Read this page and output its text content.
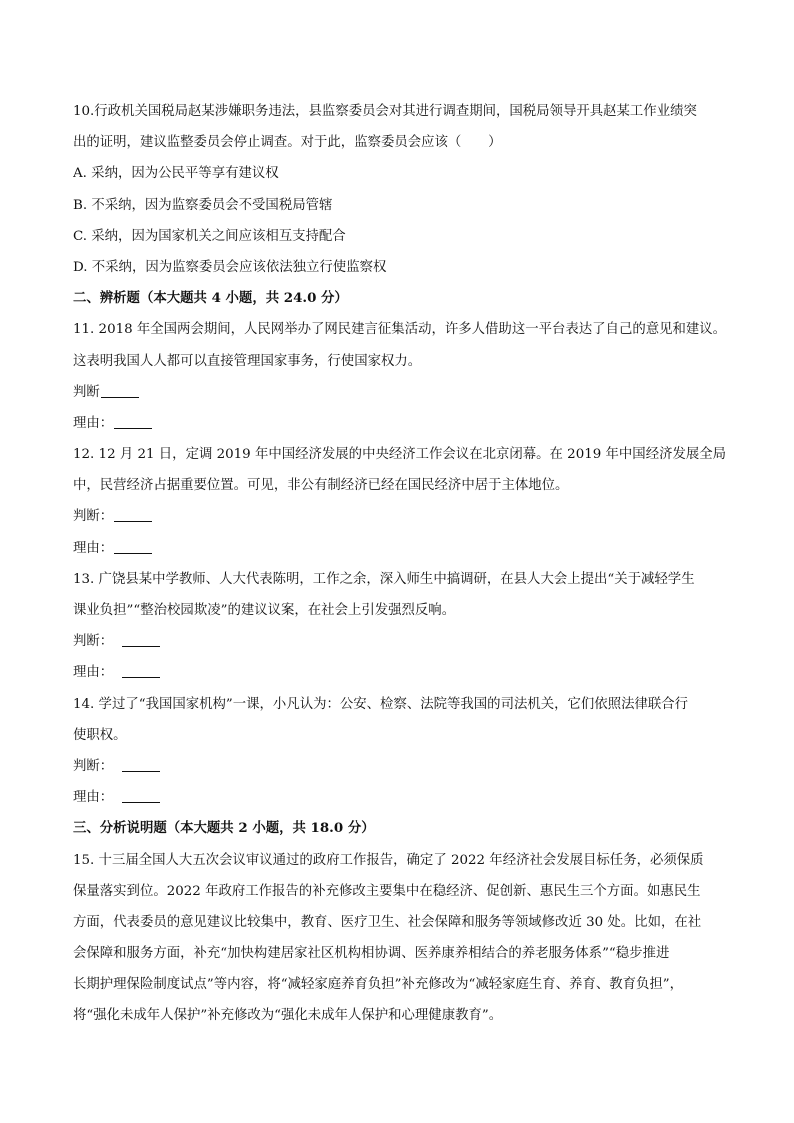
10.行政机关国税局赵某涉嫌职务违法，县监察委员会对其进行调查期间，国税局领导开具赵某工作业绩突
出的证明，建议监整委员会停止调查。对于此，监察委员会应该（　　）
A. 采纳，因为公民平等享有建议权
B. 不采纳，因为监察委员会不受国税局管辖
C. 采纳，因为国家机关之间应该相互支持配合
D. 不采纳，因为监察委员会应该依法独立行使监察权
二、辨析题（本大题共 4 小题，共 24.0 分）
11. 2018 年全国两会期间，人民网举办了网民建言征集活动，许多人借助这一平台表达了自己的意见和建议。
这表明我国人人都可以直接管理国家事务，行使国家权力。
判断
理由：
12. 12 月 21 日，定调 2019 年中国经济发展的中央经济工作会议在北京闭幕。在 2019 年中国经济发展全局
中，民营经济占据重要位置。可见，非公有制经济已经在国民经济中居于主体地位。
判断：
理由：
13. 广饶县某中学教师、人大代表陈明，工作之余，深入师生中搞调研，在县人大会上提出“关于减轻学生
课业负担”“整治校园欺凌”的建议议案，在社会上引发强烈反响。
判断：
理由：
14. 学过了“我国国家机构”一课，小凡认为：公安、检察、法院等我国的司法机关，它们依照法律联合行
使职权。
判断：
理由：
三、分析说明题（本大题共 2 小题，共 18.0 分）
15. 十三届全国人大五次会议审议通过的政府工作报告，确定了 2022 年经济社会发展目标任务，必须保质
保量落实到位。2022 年政府工作报告的补充修改主要集中在稳经济、促创新、惠民生三个方面。如惠民生
方面，代表委员的意见建议比较集中，教育、医疗卫生、社会保障和服务等领域修改近 30 处。比如，在社
会保障和服务方面，补充“加快构建居家社区机构相协调、医养康养相结合的养老服务体系”“稳步推进
长期护理保险制度试点”等内容，将“减轻家庭养育负担”补充修改为“减轻家庭生育、养育、教育负担”，
将“强化未成年人保护”补充修改为“强化未成年人保护和心理健康教育”。
